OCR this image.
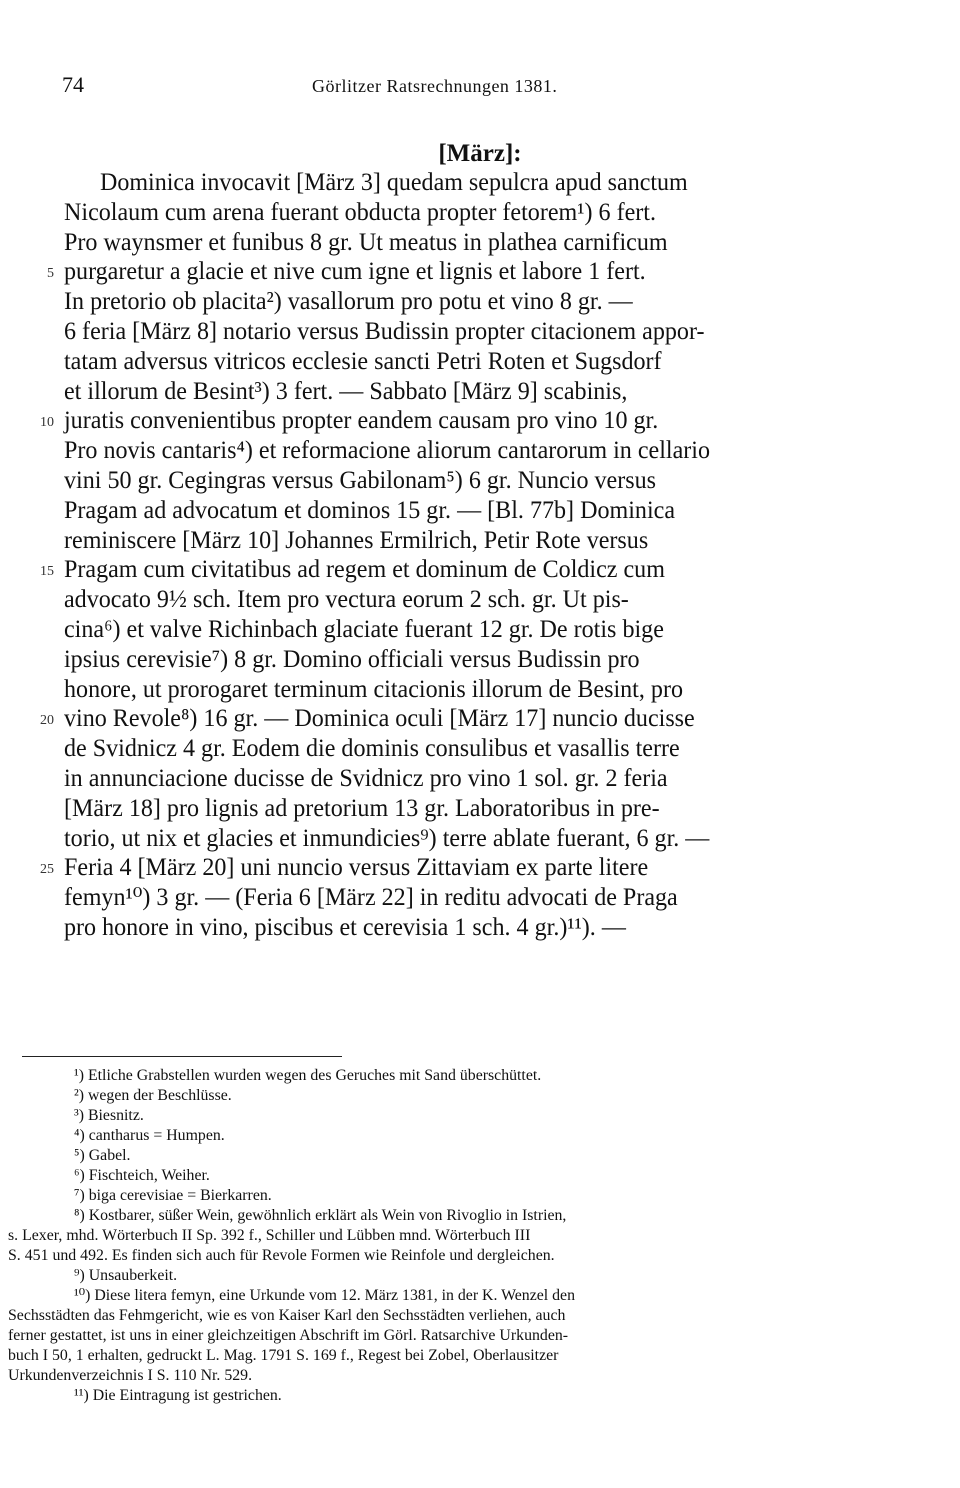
74	Görlitzer Ratsrechnungen 1381.
[März]:
Dominica invocavit [März 3] quedam sepulcra apud sanctum
Nicolaum cum arena fuerant obducta propter fetorem¹) 6 fert.
Pro waynsmer et funibus 8 gr. Ut meatus in plathea carnificum
5 purgaretur a glacie et nive cum igne et lignis et labore 1 fert.
In pretorio ob placita²) vasallorum pro potu et vino 8 gr. —
6 feria [März 8] notario versus Budissin propter citacionem appor-
tatam adversus vitricos ecclesie sancti Petri Roten et Sugsdorf
et illorum de Besint³) 3 fert. — Sabbato [März 9] scabinis,
10 juratis convenientibus propter eandem causam pro vino 10 gr.
Pro novis cantaris⁴) et reformacione aliorum cantarorum in cellario
vini 50 gr. Cegingras versus Gabilonam⁵) 6 gr. Nuncio versus
Pragam ad advocatum et dominos 15 gr. — [Bl. 77b] Dominica
reminiscere [März 10] Johannes Ermilrich, Petir Rote versus
15 Pragam cum civitatibus ad regem et dominum de Coldicz cum
advocato 9½ sch. Item pro vectura eorum 2 sch. gr. Ut pis-
cina⁶) et valve Richinbach glaciate fuerant 12 gr. De rotis bige
ipsius cerevisie⁷) 8 gr. Domino officiali versus Budissin pro
honore, ut prorogaret terminum citacionis illorum de Besint, pro
20 vino Revole⁸) 16 gr. — Dominica oculi [März 17] nuncio ducisse
de Svidnicz 4 gr. Eodem die dominis consulibus et vasallis terre
in annunciacione ducisse de Svidnicz pro vino 1 sol. gr. 2 feria
[März 18] pro lignis ad pretorium 13 gr. Laboratoribus in pre-
torio, ut nix et glacies et inmundicies⁹) terre ablate fuerant, 6 gr. —
25 Feria 4 [März 20] uni nuncio versus Zittaviam ex parte litere
femyn¹⁰) 3 gr. — (Feria 6 [März 22] in reditu advocati de Praga
pro honore in vino, piscibus et cerevisia 1 sch. 4 gr.)¹¹). —
¹) Etliche Grabstellen wurden wegen des Geruches mit Sand überschüttet.
²) wegen der Beschlüsse.
³) Biesnitz.
⁴) cantharus = Humpen.
⁵) Gabel.
⁶) Fischteich, Weiher.
⁷) biga cerevisiae = Bierkarren.
⁸) Kostbarer, süßer Wein, gewöhnlich erklärt als Wein von Rivoglio in Istrien,
s. Lexer, mhd. Wörterbuch II Sp. 392 f., Schiller und Lübben mnd. Wörterbuch III
S. 451 und 492. Es finden sich auch für Revole Formen wie Reinfole und dergleichen.
⁹) Unsauberkeit.
¹⁰) Diese litera femyn, eine Urkunde vom 12. März 1381, in der K. Wenzel den
Sechsstädten das Fehmgericht, wie es von Kaiser Karl den Sechsstädten verliehen, auch
ferner gestattet, ist uns in einer gleichzeitigen Abschrift im Görl. Ratsarchive Urkunden-
buch I 50, 1 erhalten, gedruckt L. Mag. 1791 S. 169 f., Regest bei Zobel, Oberlausitzer
Urkundenverzeichnis I S. 110 Nr. 529.
¹¹) Die Eintragung ist gestrichen.
